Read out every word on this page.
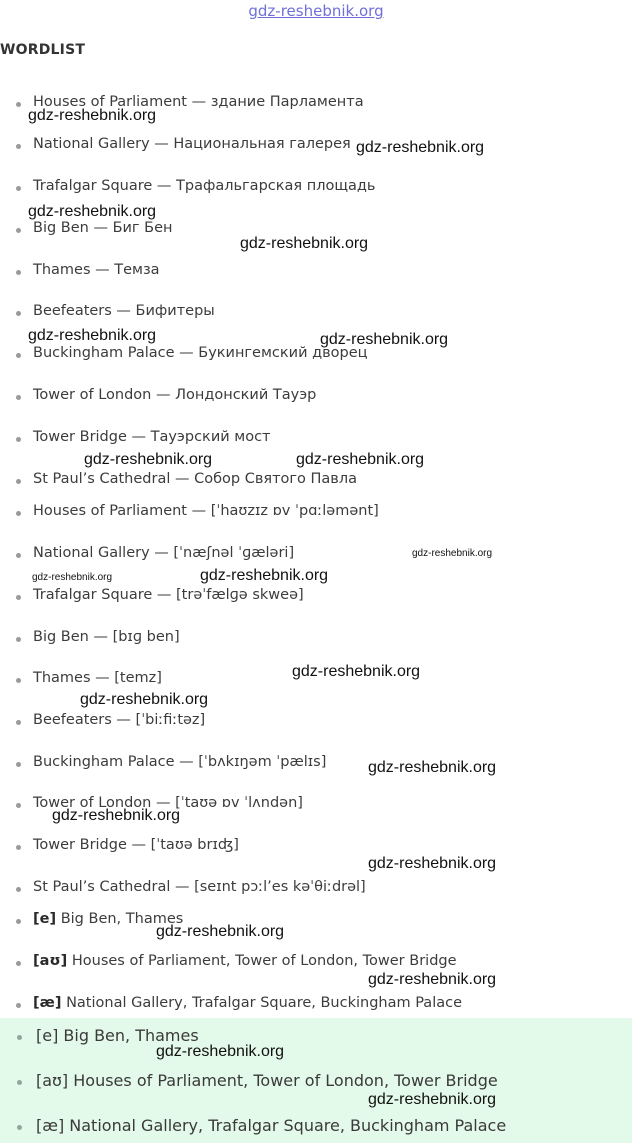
gdz-reshebnik.org
WORDLIST
Houses of Parliament — здание Парламента
National Gallery — Национальная галерея
Trafalgar Square — Трафальгарская площадь
Big Ben — Биг Бен
Thames — Темза
Beefeaters — Бифитеры
Buckingham Palace — Букингемский дворец
Tower of London — Лондонский Тауэр
Tower Bridge — Тауэрский мост
St Paul’s Cathedral — Собор Святого Павла
Houses of Parliament — [ˈhaʊzɪz ɒv ˈpɑːləmənt]
National Gallery — [ˈnæʃnəl ˈɡæləri]
Trafalgar Square — [trəˈfælɡə skweə]
Big Ben — [bɪɡ ben]
Thames — [temz]
Beefeaters — [ˈbiːfiːtəz]
Buckingham Palace — [ˈbʌkɪŋəm ˈpælɪs]
Tower of London — [ˈtaʊə ɒv ˈlʌndən]
Tower Bridge — [ˈtaʊə brɪʤ]
St Paul’s Cathedral — [seɪnt pɔːl’es kəˈθiːdrəl]
[e] Big Ben, Thames
[aʊ] Houses of Parliament, Tower of London, Tower Bridge
[æ] National Gallery, Trafalgar Square, Buckingham Palace
[e] Big Ben, Thames
[aʊ] Houses of Parliament, Tower of London, Tower Bridge
[æ] National Gallery, Trafalgar Square, Buckingham Palace
gdz-reshebnik.org
gdz-reshebnik.org
gdz-reshebnik.org
gdz-reshebnik.org
gdz-reshebnik.org	gdz-reshebnik.org
gdz-reshebnik.org	gdz-reshebnik.org
gdz-reshebnik.org
gdz-reshebnik.org	gdz-reshebnik.org
gdz-reshebnik.org
gdz-reshebnik.org
gdz-reshebnik.org
gdz-reshebnik.org
gdz-reshebnik.org
gdz-reshebnik.org
gdz-reshebnik.org
gdz-reshebnik.org
gdz-reshebnik.org
